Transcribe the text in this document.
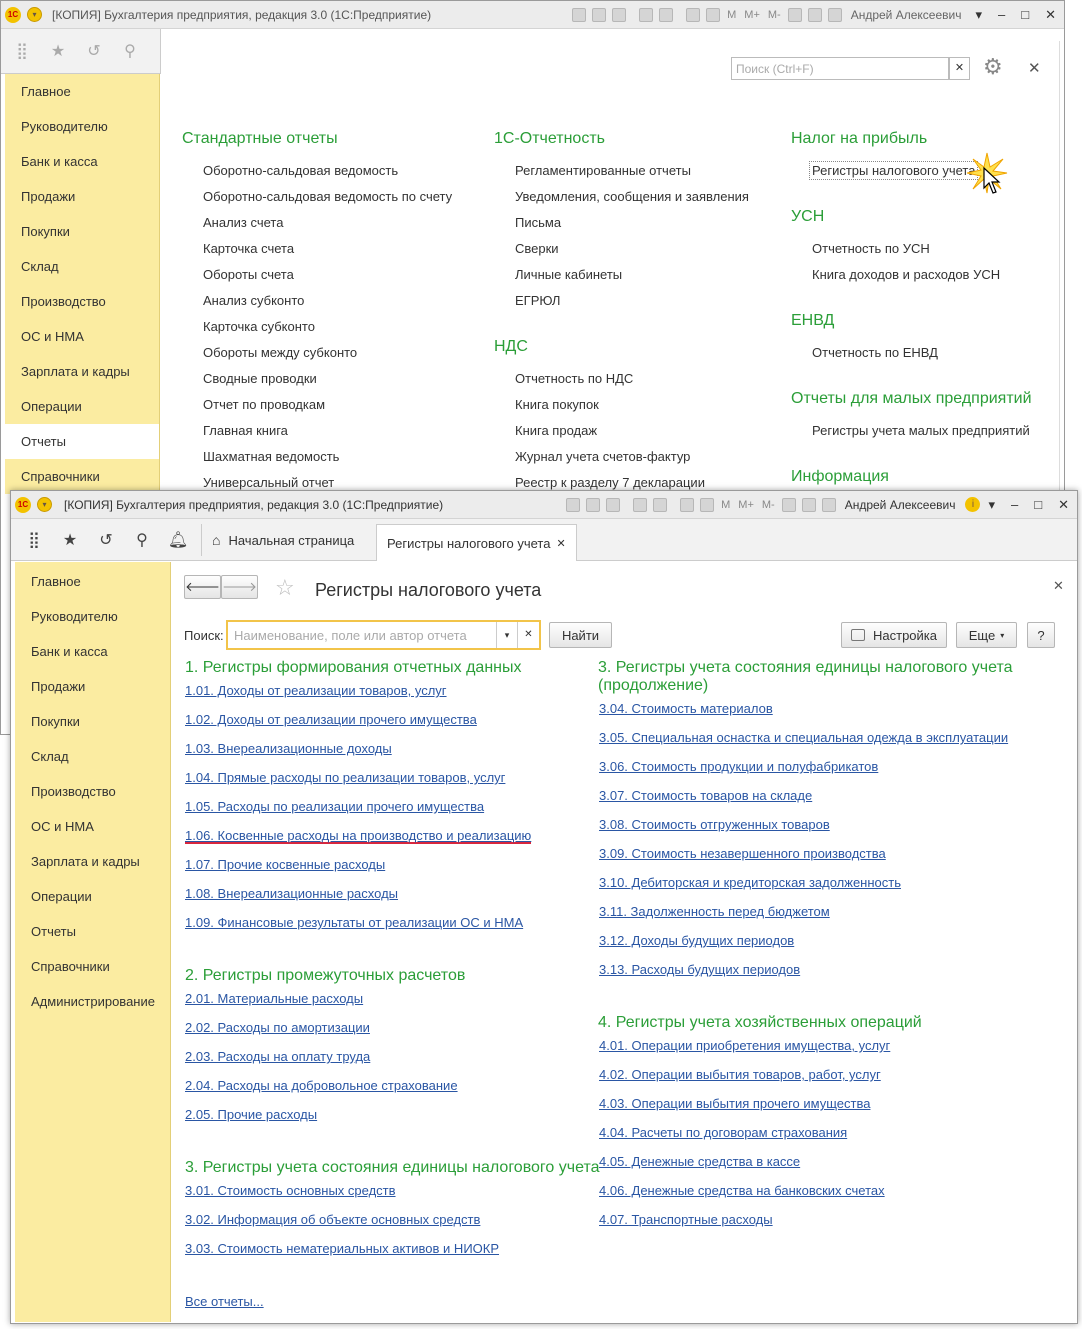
1С	▾	[КОПИЯ] Бухгалтерия предприятия, редакция 3.0 (1С:Предприятие)	M M+ M-	Андрей Алексеевич ▾ – □ ✕
⣿	★ ↺	⚲
Главное
Руководителю
Банк и касса
Продажи
Покупки
Склад
Производство
ОС и НМА
Зарплата и кадры
Операции
Отчеты
Справочники
Поиск (Ctrl+F)	✕ ⚙ ✕
Стандартные отчеты	1С-Отчетность
НДС
Налог на прибыль
УСН
ЕНВД
Отчеты для малых предприятий
Информация
Регистры налогового учета
Отчетность по УСН
Книга доходов и расходов УСН
Отчетность по ЕНВД
Регистры учета малых предприятий
Оборотно-сальдовая ведомость
Оборотно-сальдовая ведомость по счету
Анализ счета
Карточка счета
Обороты счета
Анализ субконто
Карточка субконто
Обороты между субконто
Сводные проводки
Отчет по проводкам
Главная книга
Шахматная ведомость
Универсальный отчет
Регламентированные отчеты
Уведомления, сообщения и заявления
Письма
Сверки
Личные кабинеты
ЕГРЮЛ
Отчетность по НДС
Книга покупок
Книга продаж
Журнал учета счетов-фактур
Реестр к разделу 7 декларации
1С	▾	[КОПИЯ] Бухгалтерия предприятия, редакция 3.0 (1С:Предприятие)	M M+ M-	Андрей Алексеевич	i	▾ – □ ✕
⣿	★ ↺	⚲	🔔︎ ⌂ Начальная страница	Регистры налогового учета ✕
Главное
Руководителю
Банк и касса
Продажи
Покупки
Склад
Производство
ОС и НМА
Зарплата и кадры
Операции
Отчеты
Справочники
Администрирование
🡐 🡒 ☆ Регистры налогового учета	✕
Поиск: Наименование, поле или автор отчета	▾	✕	Найти	Настройка Еще ▾	?
1. Регистры формирования отчетных данных
2. Регистры промежуточных расчетов
3. Регистры учета состояния единицы налогового учета
3. Регистры учета состояния единицы налогового учета (продолжение)
4. Регистры учета хозяйственных операций
Все отчеты...
1.01. Доходы от реализации товаров, услуг
1.02. Доходы от реализации прочего имущества
1.03. Внереализационные доходы
1.04. Прямые расходы по реализации товаров, услуг
1.05. Расходы по реализации прочего имущества
1.06. Косвенные расходы на производство и реализацию
1.07. Прочие косвенные расходы
1.08. Внереализационные расходы
1.09. Финансовые результаты от реализации ОС и НМА
2.01. Материальные расходы
2.02. Расходы по амортизации
2.03. Расходы на оплату труда
2.04. Расходы на добровольное страхование
2.05. Прочие расходы
3.01. Стоимость основных средств
3.02. Информация об объекте основных средств
3.03. Стоимость нематериальных активов и НИОКР
3.04. Стоимость материалов
3.05. Специальная оснастка и специальная одежда в эксплуатации
3.06. Стоимость продукции и полуфабрикатов
3.07. Стоимость товаров на складе
3.08. Стоимость отгруженных товаров
3.09. Стоимость незавершенного производства
3.10. Дебиторская и кредиторская задолженность
3.11. Задолженность перед бюджетом
3.12. Доходы будущих периодов
3.13. Расходы будущих периодов
4.01. Операции приобретения имущества, услуг
4.02. Операции выбытия товаров, работ, услуг
4.03. Операции выбытия прочего имущества
4.04. Расчеты по договорам страхования
4.05. Денежные средства в кассе
4.06. Денежные средства на банковских счетах
4.07. Транспортные расходы
